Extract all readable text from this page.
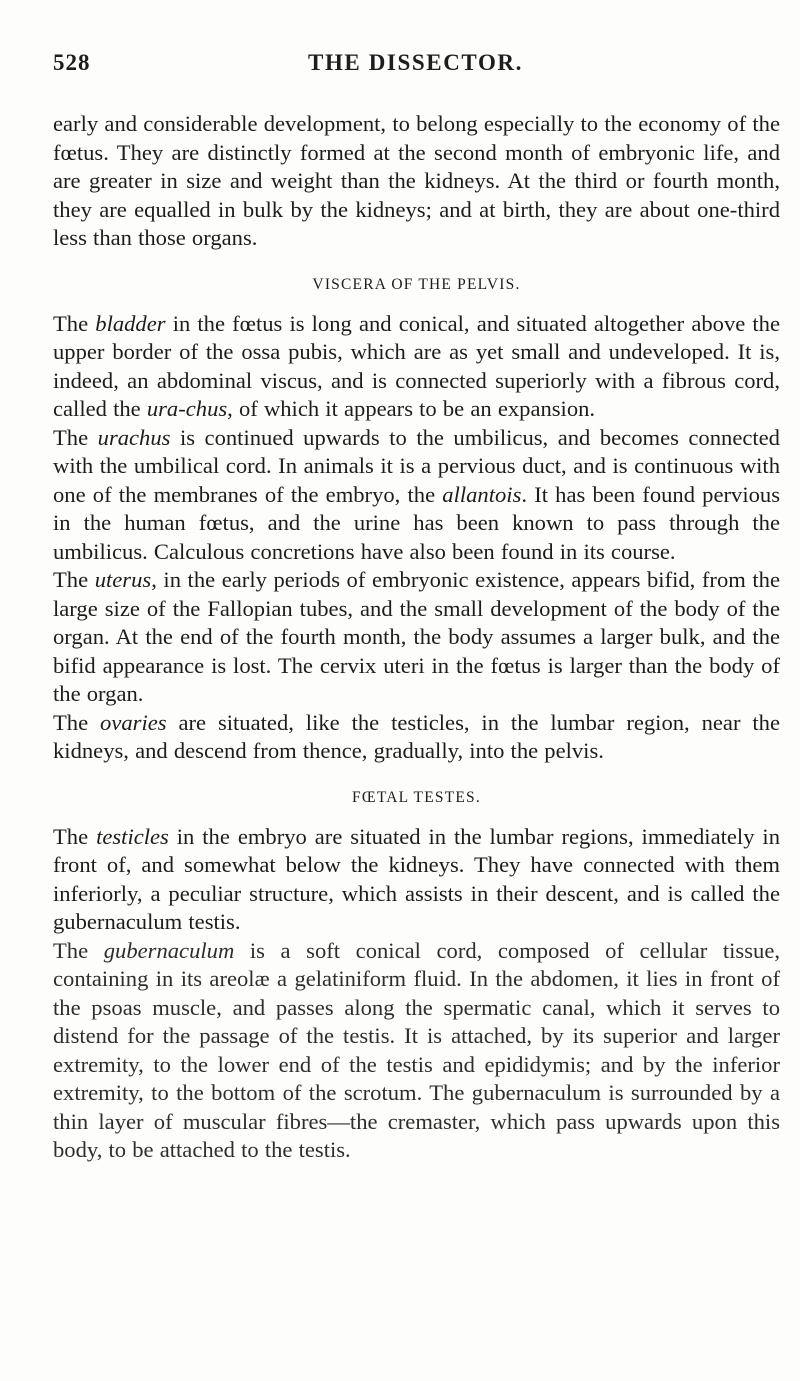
528	THE DISSECTOR.

early and considerable development, to belong especially to the economy of the fœtus. They are distinctly formed at the second month of embryonic life, and are greater in size and weight than the kidneys. At the third or fourth month, they are equalled in bulk by the kidneys; and at birth, they are about one-third less than those organs.

VISCERA OF THE PELVIS.

The bladder in the fœtus is long and conical, and situated altogether above the upper border of the ossa pubis, which are as yet small and undeveloped. It is, indeed, an abdominal viscus, and is connected superiorly with a fibrous cord, called the ura-chus, of which it appears to be an expansion.

The urachus is continued upwards to the umbilicus, and becomes connected with the umbilical cord. In animals it is a pervious duct, and is continuous with one of the membranes of the embryo, the allantois. It has been found pervious in the human fœtus, and the urine has been known to pass through the umbilicus. Calculous concretions have also been found in its course.

The uterus, in the early periods of embryonic existence, appears bifid, from the large size of the Fallopian tubes, and the small development of the body of the organ. At the end of the fourth month, the body assumes a larger bulk, and the bifid appearance is lost. The cervix uteri in the fœtus is larger than the body of the organ.

The ovaries are situated, like the testicles, in the lumbar region, near the kidneys, and descend from thence, gradually, into the pelvis.

FŒTAL TESTES.

The testicles in the embryo are situated in the lumbar regions, immediately in front of, and somewhat below the kidneys. They have connected with them inferiorly, a peculiar structure, which assists in their descent, and is called the gubernaculum testis.

The gubernaculum is a soft conical cord, composed of cellular tissue, containing in its areolæ a gelatiniform fluid. In the abdomen, it lies in front of the psoas muscle, and passes along the spermatic canal, which it serves to distend for the passage of the testis. It is attached, by its superior and larger extremity, to the lower end of the testis and epididymis; and by the inferior extremity, to the bottom of the scrotum. The gubernaculum is surrounded by a thin layer of muscular fibres—the cremaster, which pass upwards upon this body, to be attached to the testis.
